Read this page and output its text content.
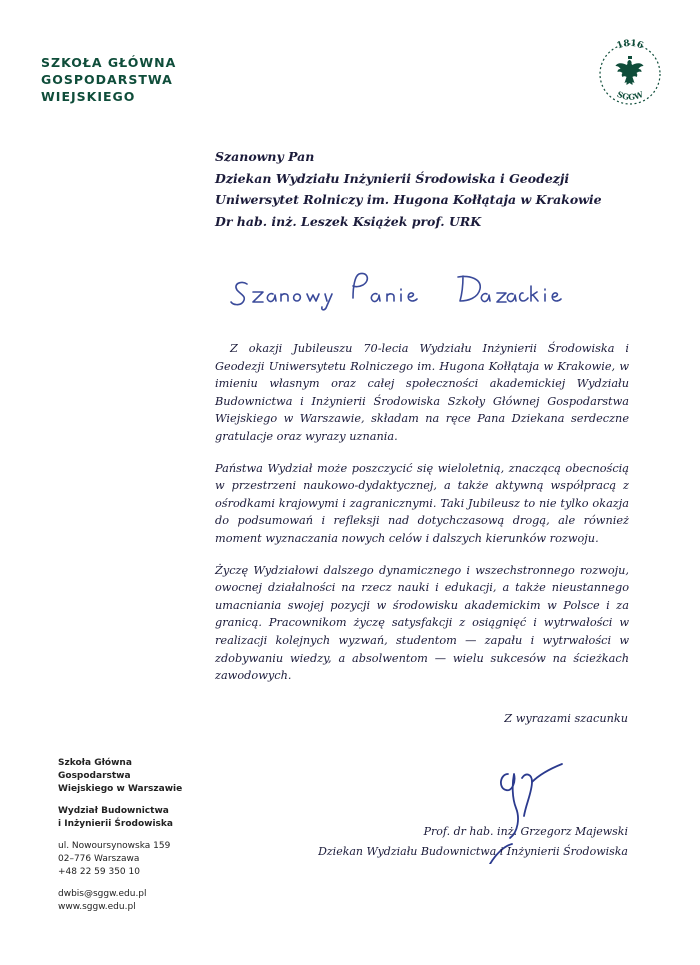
SZKOŁA GŁÓWNA
GOSPODARSTWA
WIEJSKIEGO
1816
SGGW
Szanowny Pan
Dziekan Wydziału Inżynierii Środowiska i Geodezji
Uniwersytet Rolniczy im. Hugona Kołłątaja w Krakowie
Dr hab. inż. Leszek Książek prof. URK

Z okazji Jubileuszu 70-lecia Wydziału Inżynierii Środowiska i Geodezji Uniwersytetu Rolniczego im. Hugona Kołłątaja w Krakowie, w imieniu własnym oraz całej społeczności akademickiej Wydziału Budownictwa i Inżynierii Środowiska Szkoły Głównej Gospodarstwa Wiejskiego w Warszawie, składam na ręce Pana Dziekana serdeczne gratulacje oraz wyrazy uznania.

Państwa Wydział może poszczycić się wieloletnią, znaczącą obecnością w przestrzeni naukowo-dydaktycznej, a także aktywną współpracą z ośrodkami krajowymi i zagranicznymi. Taki Jubileusz to nie tylko okazja do podsumowań i refleksji nad dotychczasową drogą, ale również moment wyznaczania nowych celów i dalszych kierunków rozwoju.

Życzę Wydziałowi dalszego dynamicznego i wszechstronnego rozwoju, owocnej działalności na rzecz nauki i edukacji, a także nieustannego umacniania swojej pozycji w środowisku akademickim w Polsce i za granicą. Pracownikom życzę satysfakcji z osiągnięć i wytrwałości w realizacji kolejnych wyzwań, studentom — zapału i wytrwałości w zdobywaniu wiedzy, a absolwentom — wielu sukcesów na ścieżkach zawodowych.

Z wyrazami szacunku
Prof. dr hab. inż. Grzegorz Majewski
Dziekan Wydziału Budownictwa i Inżynierii Środowiska
Szkoła Główna
Gospodarstwa
Wiejskiego w Warszawie
Wydział Budownictwa
i Inżynierii Środowiska
ul. Nowoursynowska 159
02–776 Warszawa
+48 22 59 350 10
dwbis@sggw.edu.pl
www.sggw.edu.pl
